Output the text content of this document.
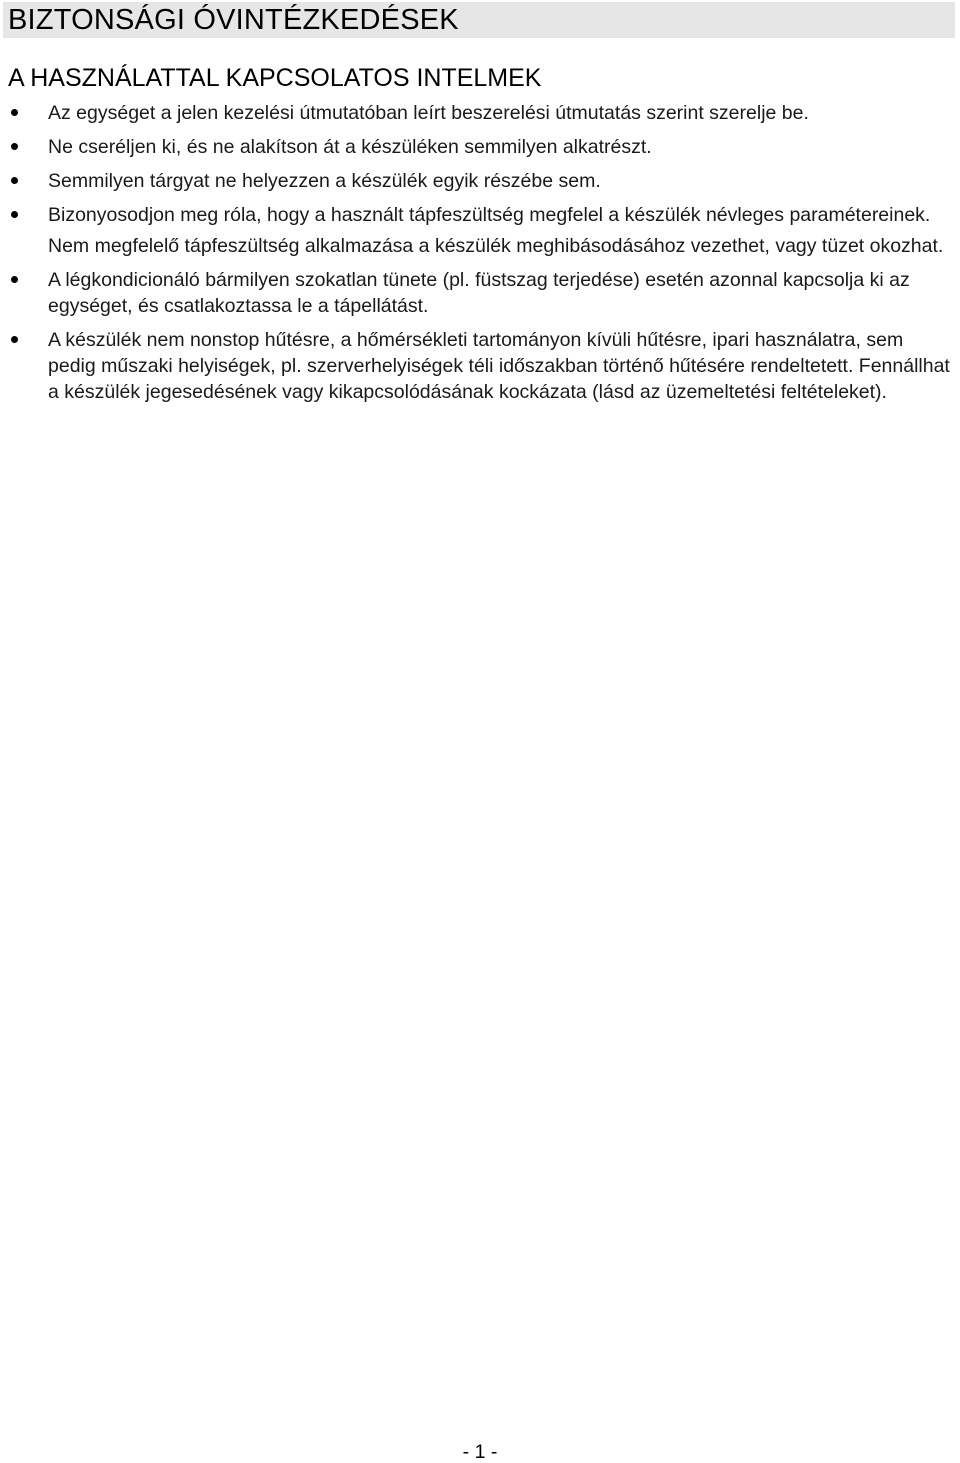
BIZTONSÁGI ÓVINTÉZKEDÉSEK
A HASZNÁLATTAL KAPCSOLATOS INTELMEK
Az egységet a jelen kezelési útmutatóban leírt beszerelési útmutatás szerint szerelje be.
Ne cseréljen ki, és ne alakítson át a készüléken semmilyen alkatrészt.
Semmilyen tárgyat ne helyezzen a készülék egyik részébe sem.
Bizonyosodjon meg róla, hogy a használt tápfeszültség megfelel a készülék névleges paramétereinek.
Nem megfelelő tápfeszültség alkalmazása a készülék meghibásodásához vezethet, vagy tüzet okozhat.
A légkondicionáló bármilyen szokatlan tünete (pl. füstszag terjedése) esetén azonnal kapcsolja ki az egységet, és csatlakoztassa le a tápellátást.
A készülék nem nonstop hűtésre, a hőmérsékleti tartományon kívüli hűtésre, ipari használatra, sem pedig műszaki helyiségek, pl. szerverhelyiségek téli időszakban történő hűtésére rendeltetett. Fennállhat a készülék jegesedésének vagy kikapcsolódásának kockázata (lásd az üzemeltetési feltételeket).
- 1 -
